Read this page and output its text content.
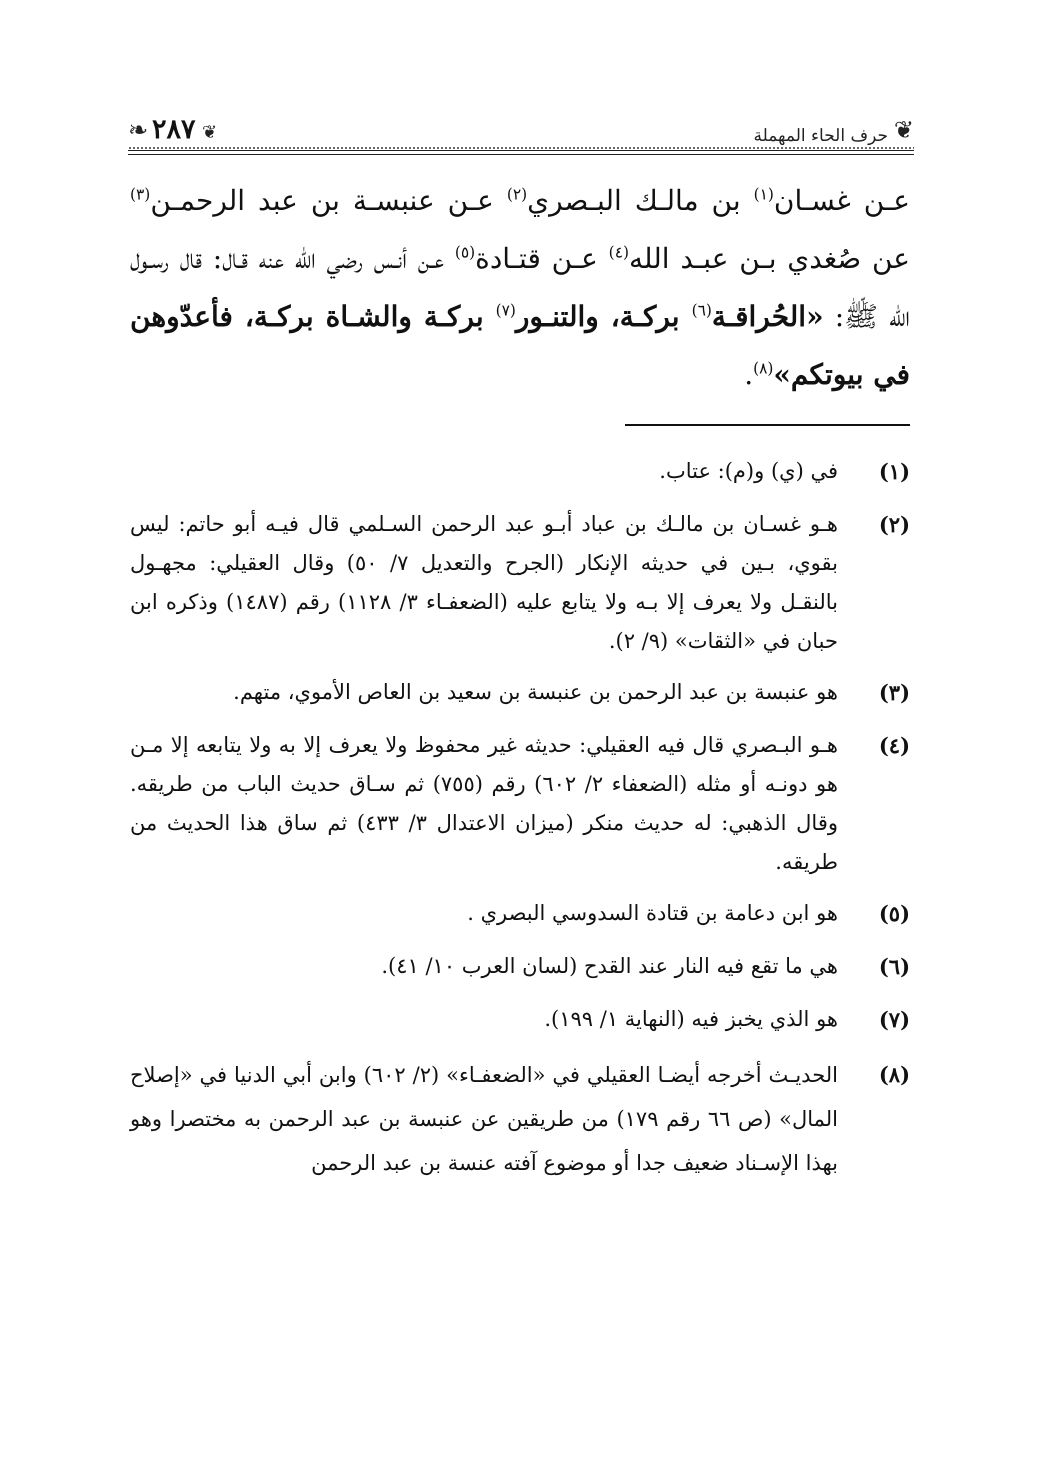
❦
حرف الحاء المهملة
٢٨٧ ❦
❧
عـن غسـان$^{(١)}$ بن مالـك البـصري$^{(٢)}$ عـن عنبسـة بن عبد الرحمـن$^{(٣)}$ عن صُغدي بـن عبـد الله$^{(٤)}$ عـن قتـادة$^{(٥)}$ عـن أنـس رضي الله عنه قـال: قال رسـول الله ﷺ: «الحُراقـة$^{(٦)}$ بركـة، والتنـور$^{(٧)}$ بركـة والشـاة بركـة، فأعدّوهن في بيوتكم»$^{(٨)}$.
(١)
في (ي) و(م): عتاب.
(٢)
هـو غسـان بن مالـك بن عباد أبـو عبد الرحمن السـلمي قال فيـه أبو حاتم: ليس بقوي، بـين في حديثه الإنكار (الجرح والتعديل ٧/ ٥٠) وقال العقيلي: مجهـول بالنقـل ولا يعرف إلا بـه ولا يتابع عليه (الضعفـاء ٣/ ١١٢٨) رقم (١٤٨٧) وذكره ابن حبان في «الثقات» (٩/ ٢).
(٣)
هو عنبسة بن عبد الرحمن بن عنبسة بن سعيد بن العاص الأموي، متهم.
(٤)
هـو البـصري قال فيه العقيلي: حديثه غير محفوظ ولا يعرف إلا به ولا يتابعه إلا مـن هو دونـه أو مثله (الضعفاء ٢/ ٦٠٢) رقم (٧٥٥) ثم سـاق حديث الباب من طريقه. وقال الذهبي: له حديث منكر (ميزان الاعتدال ٣/ ٤٣٣) ثم ساق هذا الحديث من طريقه.
(٥)
هو ابن دعامة بن قتادة السدوسي البصري .
(٦)
هي ما تقع فيه النار عند القدح (لسان العرب ١٠/ ٤١).
(٧)
هو الذي يخبز فيه (النهاية ١/ ١٩٩).
(٨)
الحديـث أخرجه أيضـا العقيلي في «الضعفـاء» (٢/ ٦٠٢) وابن أبي الدنيا في «إصلاح المال» (ص ٦٦ رقم ١٧٩) من طريقين عن عنبسة بن عبد الرحمن به مختصرا وهو بهذا الإسـناد ضعيف جدا أو موضوع آفته عنسة بن عبد الرحمن
